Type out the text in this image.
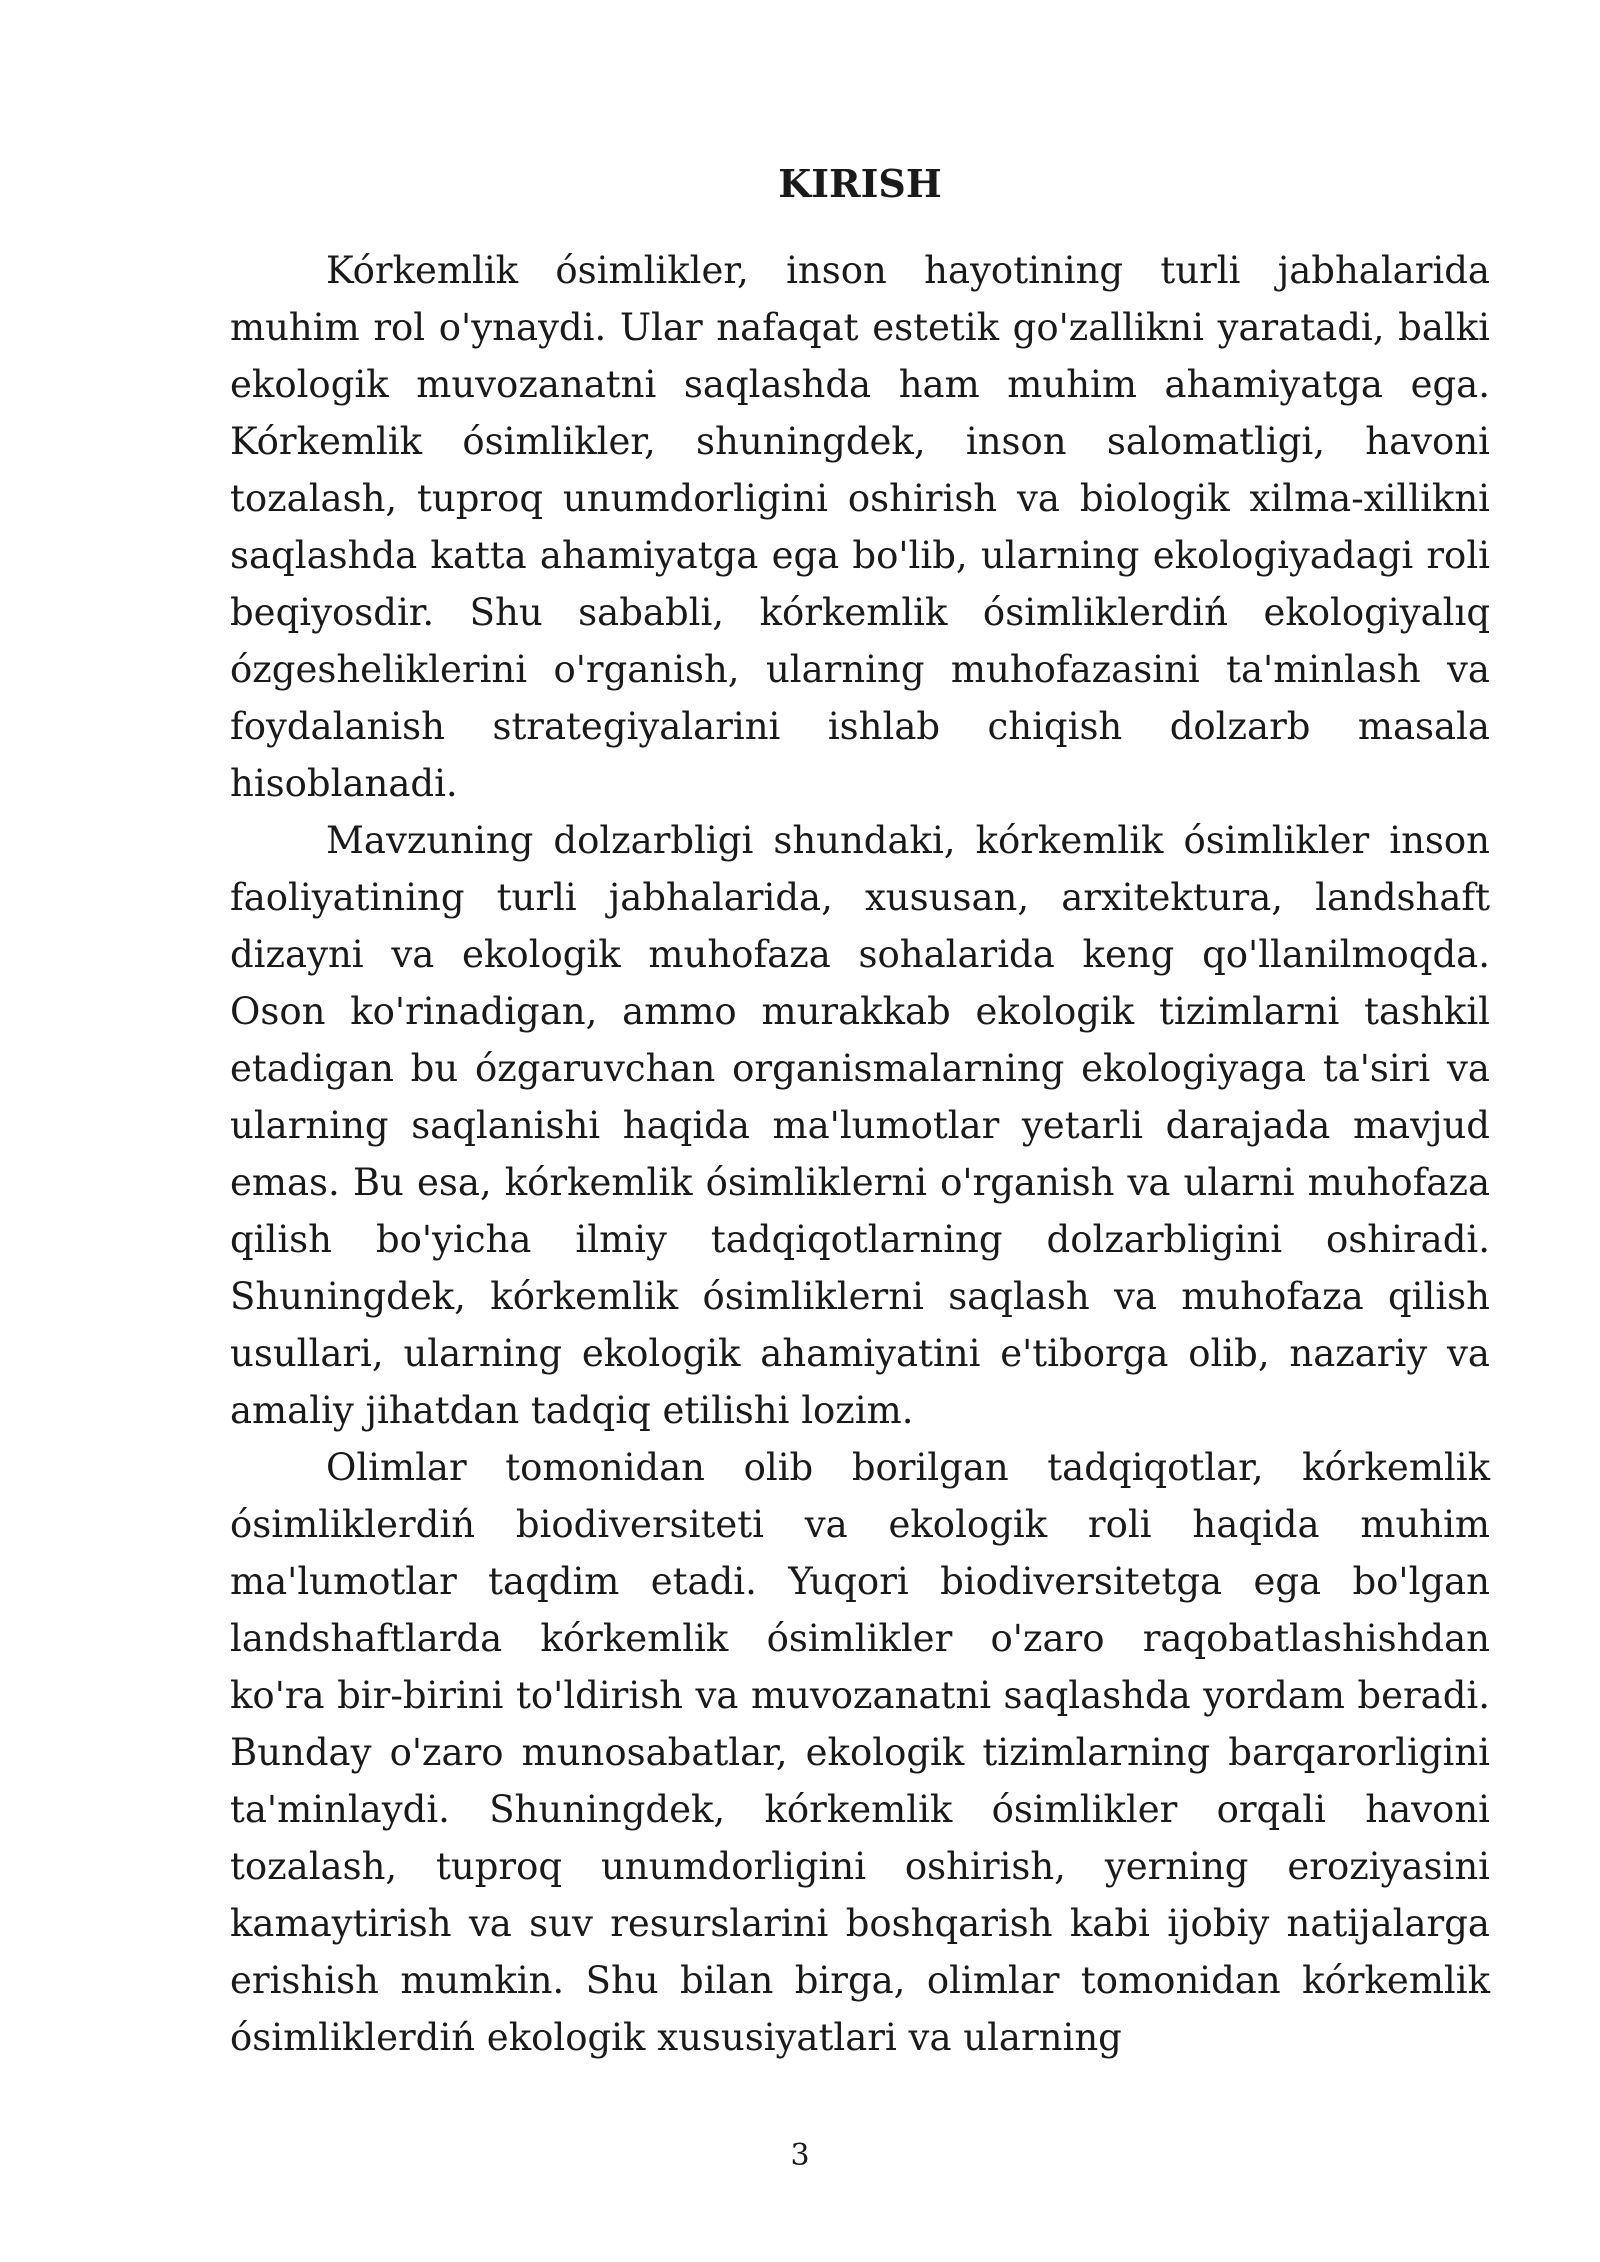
KIRISH

Kórkemlik ósimlikler, inson hayotining turli jabhalarida muhim rol o'ynaydi. Ular nafaqat estetik go'zallikni yaratadi, balki ekologik muvozanatni saqlashda ham muhim ahamiyatga ega. Kórkemlik ósimlikler, shuningdek, inson salomatligi, havoni tozalash, tuproq unumdorligini oshirish va biologik xilma-xillikni saqlashda katta ahamiyatga ega bo'lib, ularning ekologiyadagi roli beqiyosdir. Shu sababli, kórkemlik ósimliklerdiń ekologiyalıq ózgesheliklerini o'rganish, ularning muhofazasini ta'minlash va foydalanish strategiyalarini ishlab chiqish dolzarb masala hisoblanadi.

Mavzuning dolzarbligi shundaki, kórkemlik ósimlikler inson faoliyatining turli jabhalarida, xususan, arxitektura, landshaft dizayni va ekologik muhofaza sohalarida keng qo'llanilmoqda. Oson ko'rinadigan, ammo murakkab ekologik tizimlarni tashkil etadigan bu ózgaruvchan organismalarning ekologiyaga ta'siri va ularning saqlanishi haqida ma'lumotlar yetarli darajada mavjud emas. Bu esa, kórkemlik ósimliklerni o'rganish va ularni muhofaza qilish bo'yicha ilmiy tadqiqotlarning dolzarbligini oshiradi. Shuningdek, kórkemlik ósimliklerni saqlash va muhofaza qilish usullari, ularning ekologik ahamiyatini e'tiborga olib, nazariy va amaliy jihatdan tadqiq etilishi lozim.

Olimlar tomonidan olib borilgan tadqiqotlar, kórkemlik ósimliklerdiń biodiversiteti va ekologik roli haqida muhim ma'lumotlar taqdim etadi. Yuqori biodiversitetga ega bo'lgan landshaftlarda kórkemlik ósimlikler o'zaro raqobatlashishdan ko'ra bir-birini to'ldirish va muvozanatni saqlashda yordam beradi. Bunday o'zaro munosabatlar, ekologik tizimlarning barqarorligini ta'minlaydi. Shuningdek, kórkemlik ósimlikler orqali havoni tozalash, tuproq unumdorligini oshirish, yerning eroziyasini kamaytirish va suv resurslarini boshqarish kabi ijobiy natijalarga erishish mumkin. Shu bilan birga, olimlar tomonidan kórkemlik ósimliklerdiń ekologik xususiyatlari va ularning

3
